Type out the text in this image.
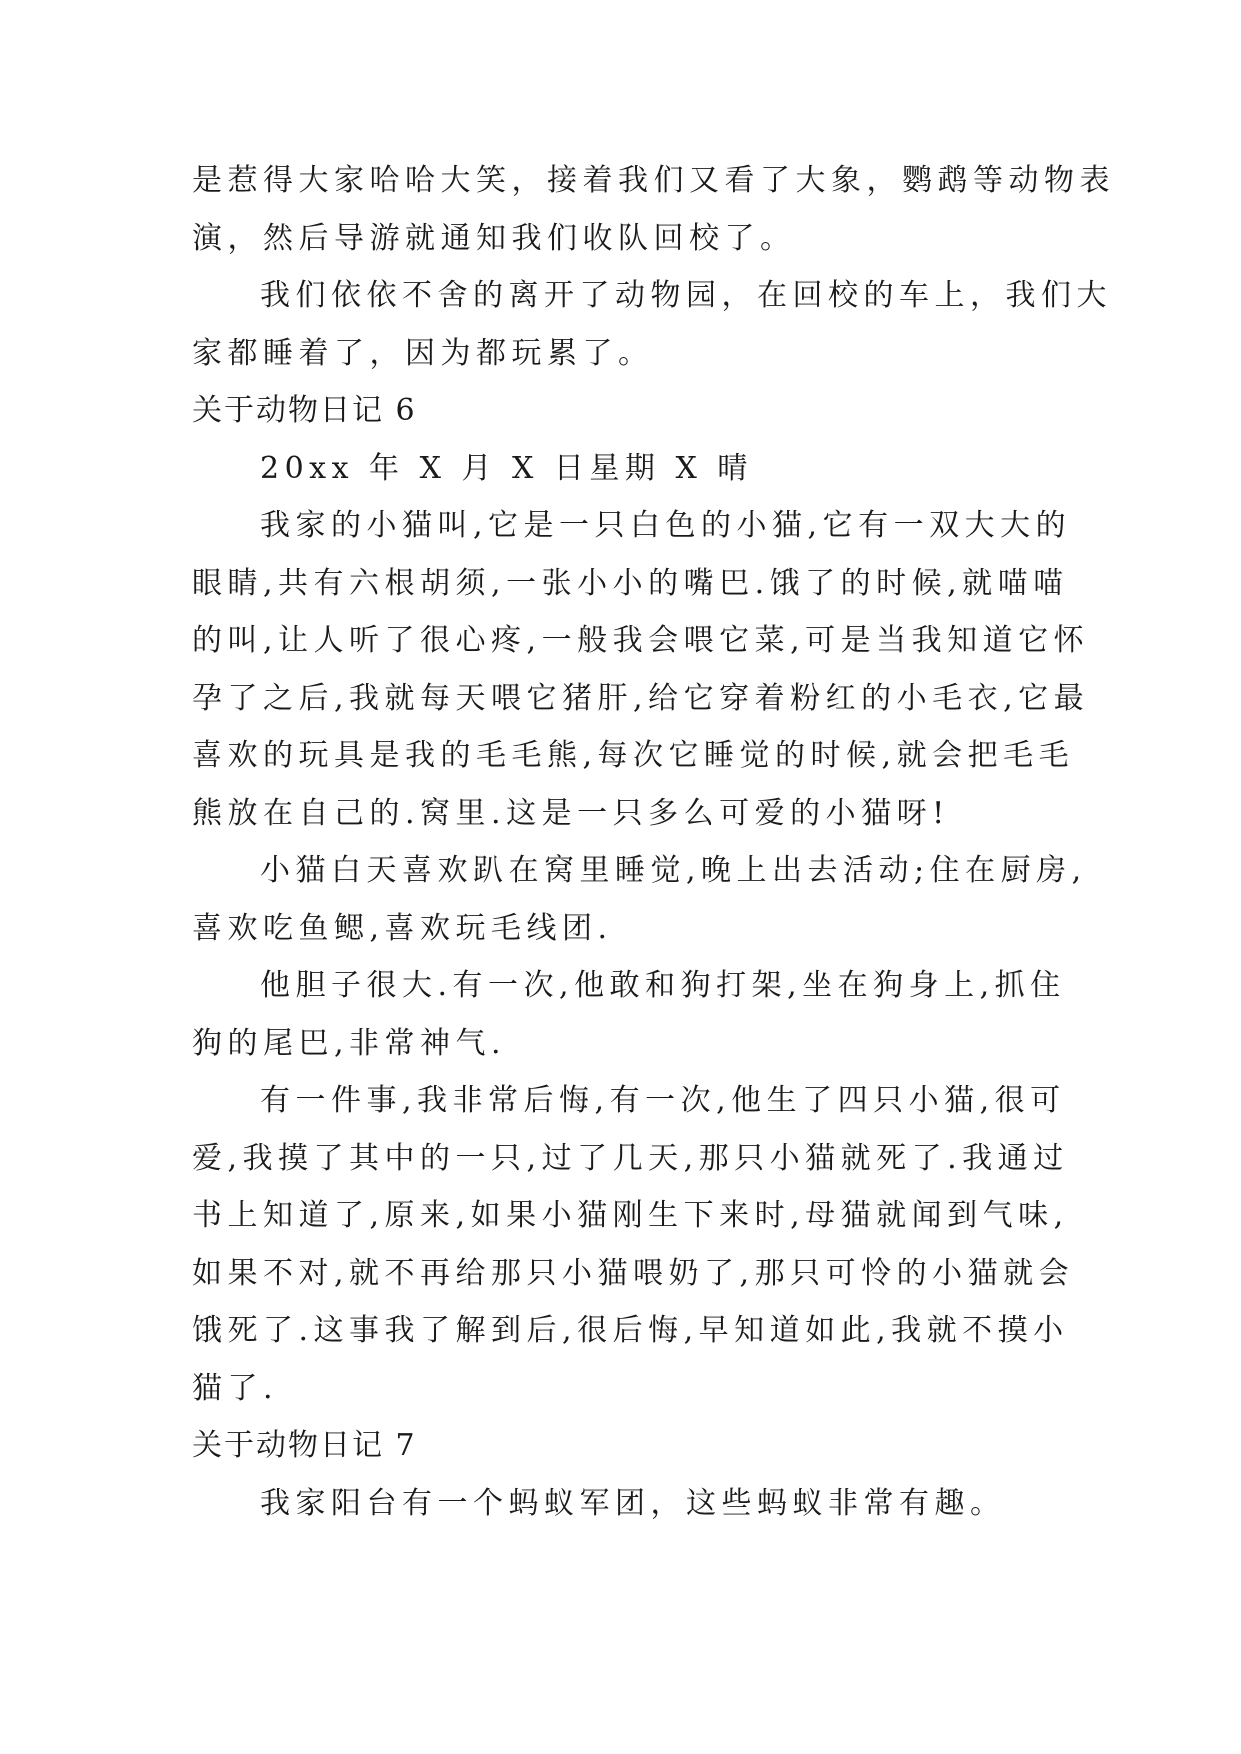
是惹得大家哈哈大笑，接着我们又看了大象，鹦鹉等动物表

演，然后导游就通知我们收队回校了。

我们依依不舍的离开了动物园，在回校的车上，我们大

家都睡着了，因为都玩累了。

关于动物日记 6

20xx 年 X 月 X 日星期 X 晴

我家的小猫叫,它是一只白色的小猫,它有一双大大的

眼睛,共有六根胡须,一张小小的嘴巴.饿了的时候,就喵喵

的叫,让人听了很心疼,一般我会喂它菜,可是当我知道它怀

孕了之后,我就每天喂它猪肝,给它穿着粉红的小毛衣,它最

喜欢的玩具是我的毛毛熊,每次它睡觉的时候,就会把毛毛

熊放在自己的.窝里.这是一只多么可爱的小猫呀!

小猫白天喜欢趴在窝里睡觉,晚上出去活动;住在厨房,

喜欢吃鱼鳃,喜欢玩毛线团.

他胆子很大.有一次,他敢和狗打架,坐在狗身上,抓住

狗的尾巴,非常神气.

有一件事,我非常后悔,有一次,他生了四只小猫,很可

爱,我摸了其中的一只,过了几天,那只小猫就死了.我通过

书上知道了,原来,如果小猫刚生下来时,母猫就闻到气味,

如果不对,就不再给那只小猫喂奶了,那只可怜的小猫就会

饿死了.这事我了解到后,很后悔,早知道如此,我就不摸小

猫了.

关于动物日记 7

我家阳台有一个蚂蚁军团，这些蚂蚁非常有趣。
